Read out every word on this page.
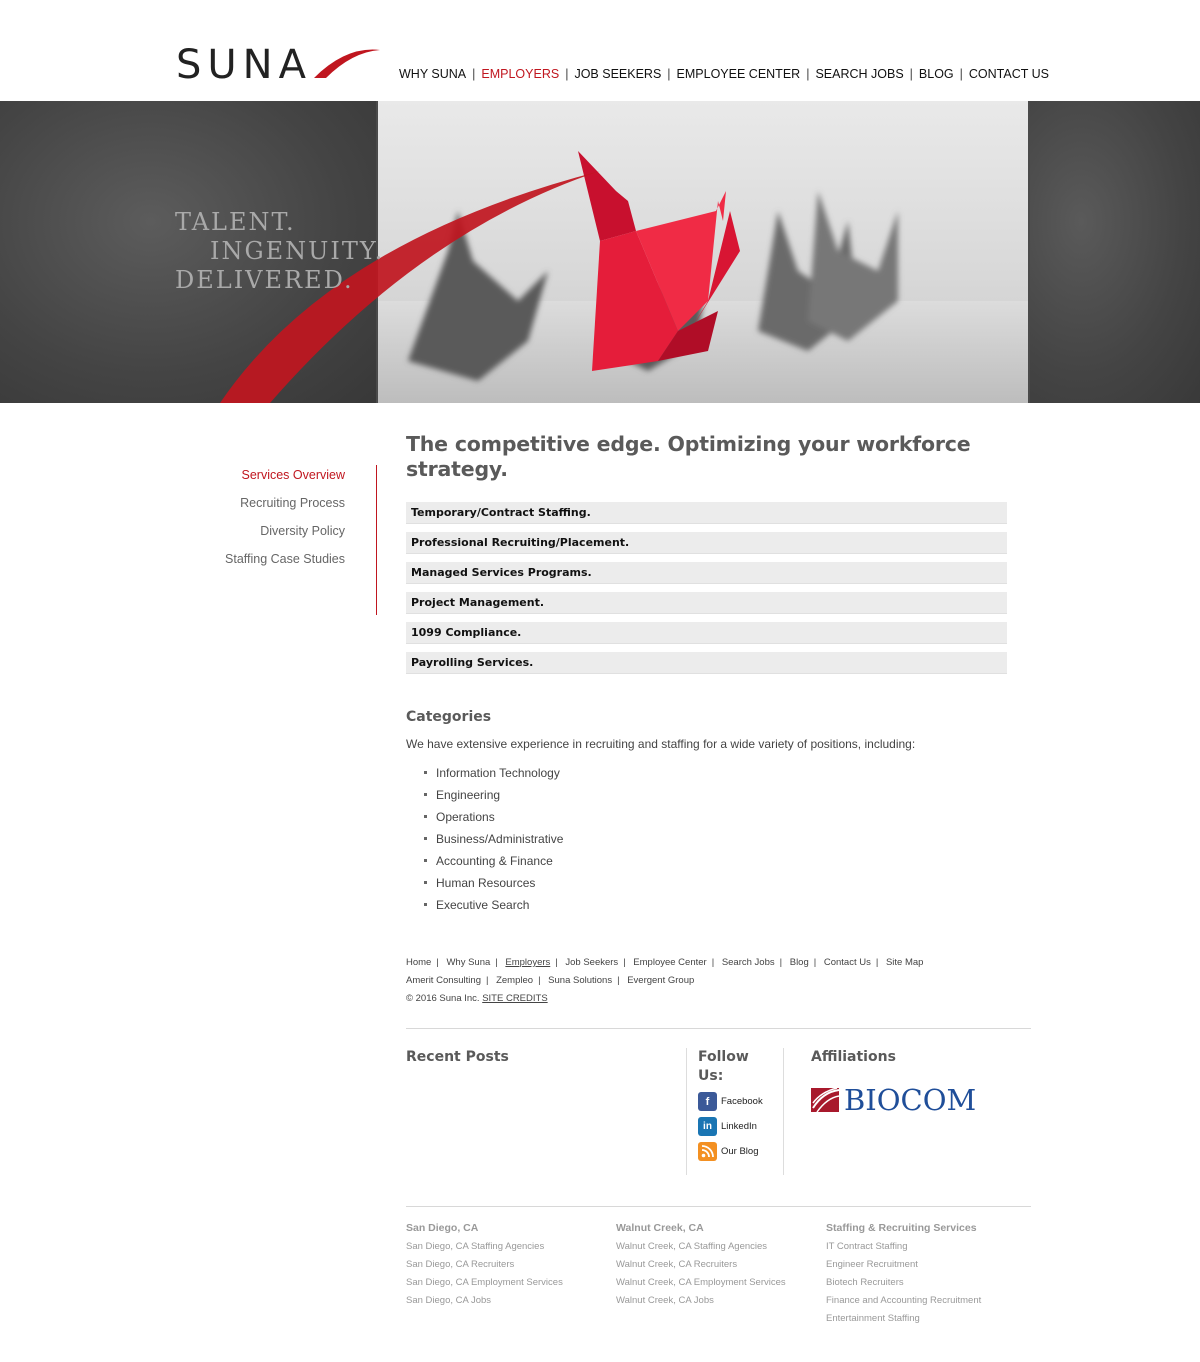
SUNA	WHY SUNA | EMPLOYERS | JOB SEEKERS | EMPLOYEE CENTER | SEARCH JOBS | BLOG | CONTACT US
TALENT.
INGENUITY.
DELIVERED.
Services Overview
Recruiting Process
Diversity Policy
Staffing Case Studies
The competitive edge. Optimizing your workforce strategy.
Temporary/Contract Staffing.
Professional Recruiting/Placement.
Managed Services Programs.
Project Management.
1099 Compliance.
Payrolling Services.
Categories
We have extensive experience in recruiting and staffing for a wide variety of positions, including:
Information Technology
Engineering
Operations
Business/Administrative
Accounting & Finance
Human Resources
Executive Search
Home | Why Suna | Employers | Job Seekers | Employee Center | Search Jobs | Blog | Contact Us | Site Map
Amerit Consulting | Zempleo | Suna Solutions | Evergent Group
© 2016 Suna Inc. SITE CREDITS
Recent Posts	Follow Us:
f	Facebook
in LinkedIn
Our Blog
Affiliations
BIOCOM
San Diego, CA
San Diego, CA Staffing Agencies
San Diego, CA Recruiters
San Diego, CA Employment Services
San Diego, CA Jobs
Walnut Creek, CA
Walnut Creek, CA Staffing Agencies
Walnut Creek, CA Recruiters
Walnut Creek, CA Employment Services
Walnut Creek, CA Jobs
Staffing & Recruiting Services
IT Contract Staffing
Engineer Recruitment
Biotech Recruiters
Finance and Accounting Recruitment
Entertainment Staffing
